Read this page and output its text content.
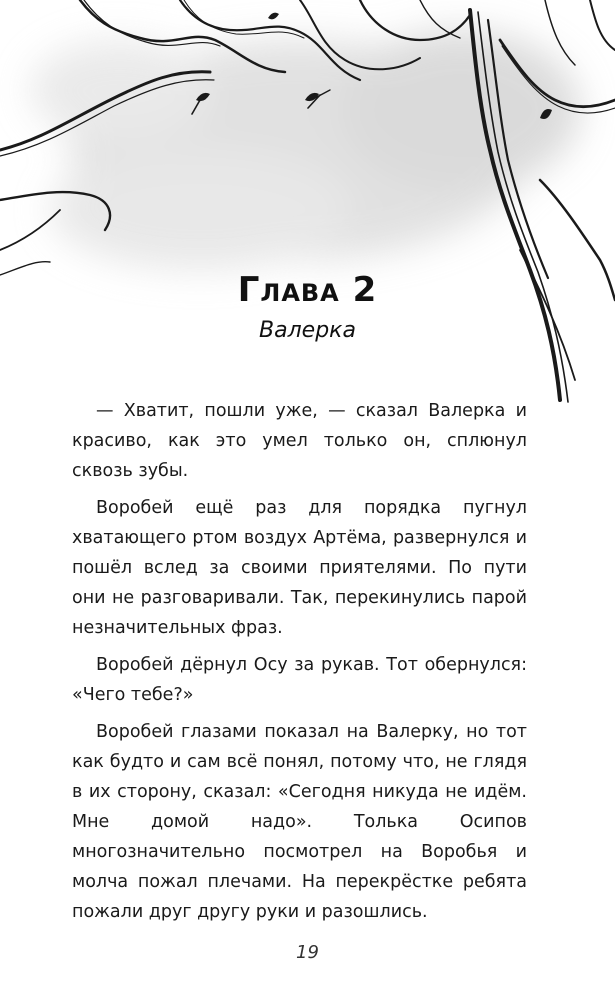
Глава 2
Валерка

— Хватит, пошли уже, — сказал Валерка и красиво, как это умел только он, сплюнул сквозь зубы.

Воробей ещё раз для порядка пугнул хватающего ртом воздух Артёма, развернулся и пошёл вслед за своими приятелями. По пути они не разговаривали. Так, перекинулись парой незначительных фраз.

Воробей дёрнул Осу за рукав. Тот обернулся: «Чего тебе?»

Воробей глазами показал на Валерку, но тот как будто и сам всё понял, потому что, не глядя в их сторону, сказал: «Сегодня никуда не идём. Мне домой надо». Толька Осипов многозначительно посмотрел на Воробья и молча пожал плечами. На перекрёстке ребята пожали друг другу руки и разошлись.

19
